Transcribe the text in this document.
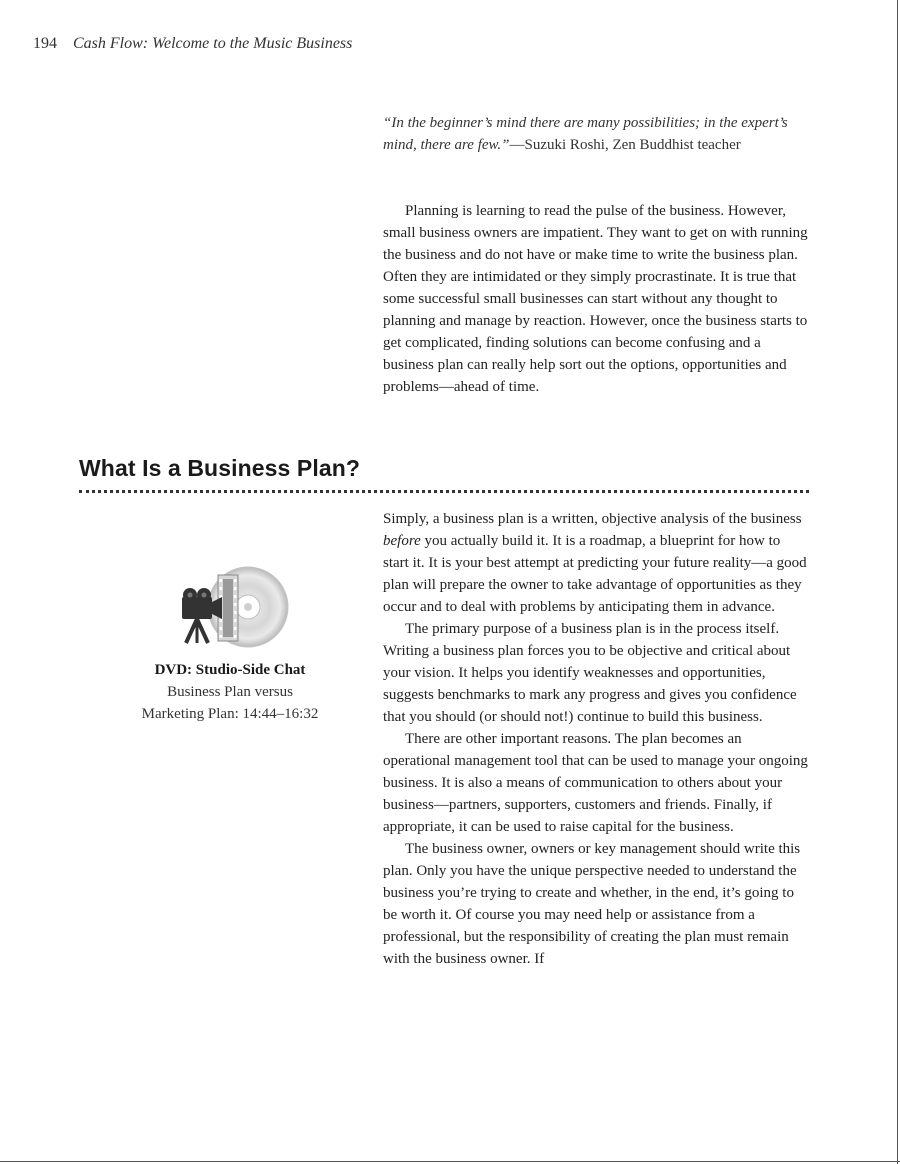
194 Cash Flow: Welcome to the Music Business
“In the beginner’s mind there are many possibilities; in the expert’s mind, there are few.”—Suzuki Roshi, Zen Buddhist teacher

Planning is learning to read the pulse of the business. However, small business owners are impatient. They want to get on with running the business and do not have or make time to write the business plan. Often they are intimidated or they simply procrastinate. It is true that some successful small businesses can start without any thought to planning and manage by reaction. However, once the business starts to get complicated, finding solutions can become confusing and a business plan can really help sort out the options, opportunities and problems—ahead of time.

What Is a Business Plan?
DVD: Studio-Side Chat
Business Plan versus
Marketing Plan: 14:44–16:32

Simply, a business plan is a written, objective analysis of the business before you actually build it. It is a roadmap, a blueprint for how to start it. It is your best attempt at predicting your future reality—a good plan will prepare the owner to take advantage of opportunities as they occur and to deal with problems by anticipating them in advance.

The primary purpose of a business plan is in the process itself. Writing a business plan forces you to be objective and critical about your vision. It helps you identify weaknesses and opportunities, suggests benchmarks to mark any progress and gives you confidence that you should (or should not!) continue to build this business.

There are other important reasons. The plan becomes an operational management tool that can be used to manage your ongoing business. It is also a means of communication to others about your business—partners, supporters, customers and friends. Finally, if appropriate, it can be used to raise capital for the business.

The business owner, owners or key management should write this plan. Only you have the unique perspective needed to understand the business you’re trying to create and whether, in the end, it’s going to be worth it. Of course you may need help or assistance from a professional, but the responsibility of creating the plan must remain with the business owner. If
